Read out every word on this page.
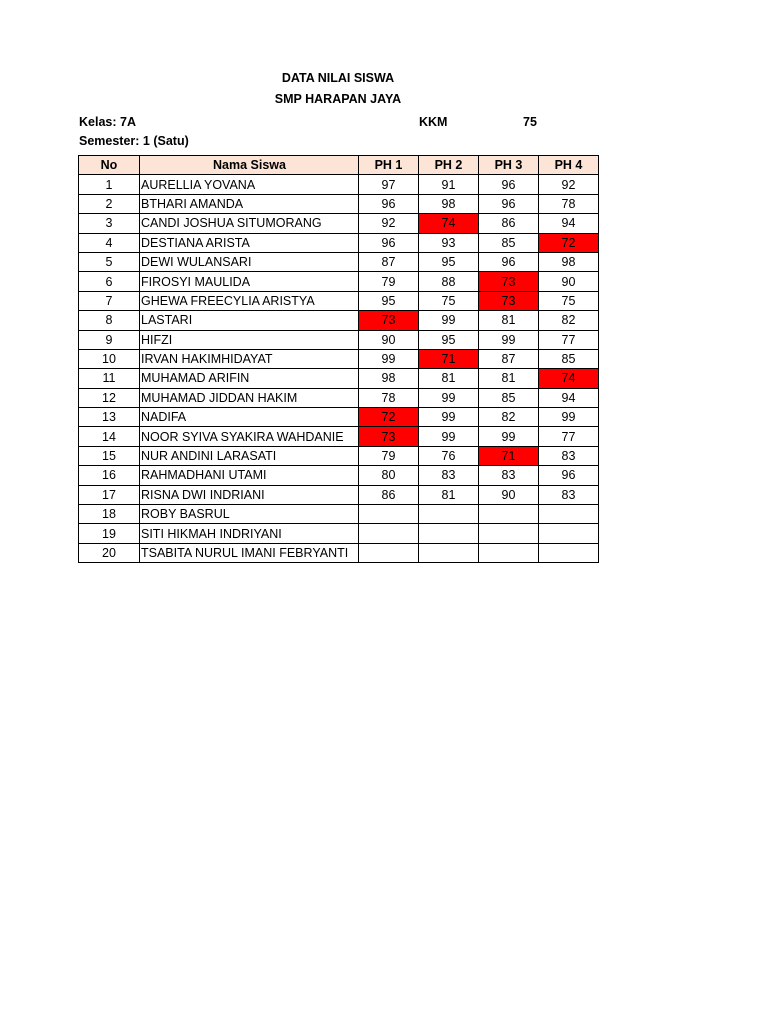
DATA NILAI SISWA
SMP HARAPAN JAYA
Kelas: 7A
Semester: 1 (Satu)
KKM	75
No	Nama Siswa	PH 1	PH 2	PH 3	PH 4
1	AURELLIA YOVANA	97	91	96	92
2	BTHARI AMANDA	96	98	96	78
3	CANDI JOSHUA SITUMORANG	92	74	86	94
4	DESTIANA ARISTA	96	93	85	72
5	DEWI WULANSARI	87	95	96	98
6	FIROSYI MAULIDA	79	88	73	90
7	GHEWA FREECYLIA ARISTYA	95	75	73	75
8	LASTARI	73	99	81	82
9	HIFZI	90	95	99	77
10	IRVAN HAKIMHIDAYAT	99	71	87	85
11	MUHAMAD ARIFIN	98	81	81	74
12	MUHAMAD JIDDAN HAKIM	78	99	85	94
13	NADIFA	72	99	82	99
14	NOOR SYIVA SYAKIRA WAHDANIE	73	99	99	77
15	NUR ANDINI LARASATI	79	76	71	83
16	RAHMADHANI UTAMI	80	83	83	96
17	RISNA DWI INDRIANI	86	81	90	83
18	ROBY BASRUL				
19	SITI HIKMAH INDRIYANI				
20	TSABITA NURUL IMANI FEBRYANTI				
